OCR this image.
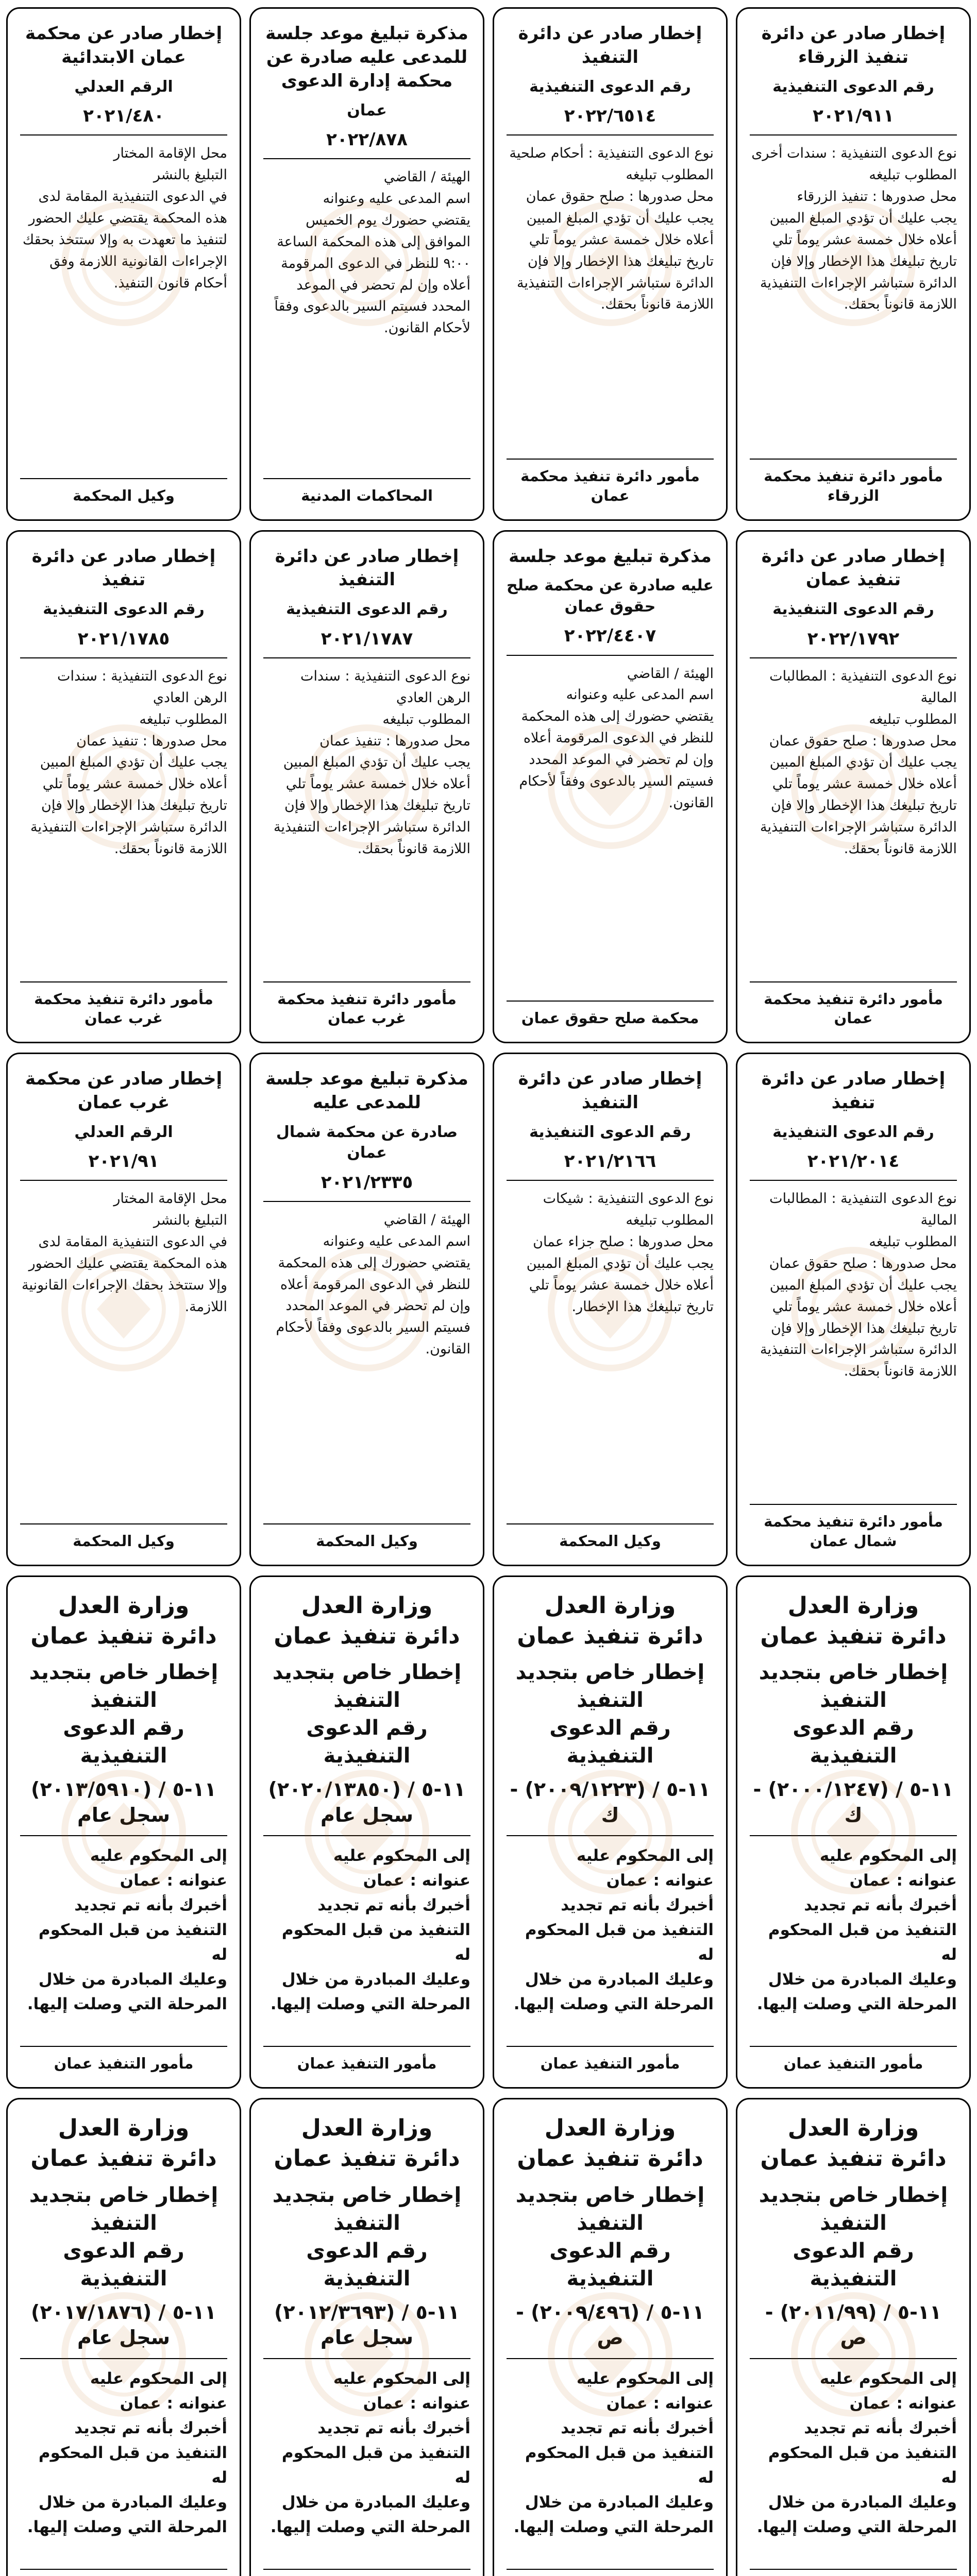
إخطار صادر عن دائرة تنفيذ الزرقاء
رقم الدعوى التنفيذية
٢٠٢١/٩١١
نوع الدعوى التنفيذية : سندات أخرى
المطلوب تبليغه
محل صدورها : تنفيذ الزرقاء
يجب عليك أن تؤدي المبلغ المبين أعلاه خلال خمسة عشر يوماً تلي تاريخ تبليغك هذا الإخطار وإلا فإن الدائرة ستباشر الإجراءات التنفيذية اللازمة قانوناً بحقك.
مأمور دائرة تنفيذ محكمة الزرقاء
إخطار صادر عن دائرة التنفيذ
رقم الدعوى التنفيذية
٢٠٢٢/٦٥١٤
نوع الدعوى التنفيذية : أحكام صلحية
المطلوب تبليغه
محل صدورها : صلح حقوق عمان
يجب عليك أن تؤدي المبلغ المبين أعلاه خلال خمسة عشر يوماً تلي تاريخ تبليغك هذا الإخطار وإلا فإن الدائرة ستباشر الإجراءات التنفيذية اللازمة قانوناً بحقك.
مأمور دائرة تنفيذ محكمة عمان
مذكرة تبليغ موعد جلسة للمدعى عليه صادرة عن محكمة إدارة الدعوى
عمان
٢٠٢٢/٨٧٨
الهيئة / القاضي
اسم المدعى عليه وعنوانه
يقتضي حضورك يوم الخميس الموافق إلى هذه المحكمة الساعة ٩:٠٠ للنظر في الدعوى المرقومة أعلاه وإن لم تحضر في الموعد المحدد فسيتم السير بالدعوى وفقاً لأحكام القانون.
المحاكمات المدنية
إخطار صادر عن محكمة عمان الابتدائية
الرقم العدلي
٢٠٢١/٤٨٠
محل الإقامة المختار
التبليغ بالنشر
في الدعوى التنفيذية المقامة لدى هذه المحكمة يقتضي عليك الحضور لتنفيذ ما تعهدت به وإلا ستتخذ بحقك الإجراءات القانونية اللازمة وفق أحكام قانون التنفيذ.
وكيل المحكمة
إخطار صادر عن دائرة تنفيذ عمان
رقم الدعوى التنفيذية
٢٠٢٢/١٧٩٢
نوع الدعوى التنفيذية : المطالبات المالية
المطلوب تبليغه
محل صدورها : صلح حقوق عمان
يجب عليك أن تؤدي المبلغ المبين أعلاه خلال خمسة عشر يوماً تلي تاريخ تبليغك هذا الإخطار وإلا فإن الدائرة ستباشر الإجراءات التنفيذية اللازمة قانوناً بحقك.
مأمور دائرة تنفيذ محكمة عمان
مذكرة تبليغ موعد جلسة
عليه صادرة عن محكمة صلح حقوق عمان
٢٠٢٢/٤٤٠٧
الهيئة / القاضي
اسم المدعى عليه وعنوانه
يقتضي حضورك إلى هذه المحكمة للنظر في الدعوى المرقومة أعلاه وإن لم تحضر في الموعد المحدد فسيتم السير بالدعوى وفقاً لأحكام القانون.
محكمة صلح حقوق عمان
إخطار صادر عن دائرة التنفيذ
رقم الدعوى التنفيذية
٢٠٢١/١٧٨٧
نوع الدعوى التنفيذية : سندات الرهن العادي
المطلوب تبليغه
محل صدورها : تنفيذ عمان
يجب عليك أن تؤدي المبلغ المبين أعلاه خلال خمسة عشر يوماً تلي تاريخ تبليغك هذا الإخطار وإلا فإن الدائرة ستباشر الإجراءات التنفيذية اللازمة قانوناً بحقك.
مأمور دائرة تنفيذ محكمة غرب عمان
إخطار صادر عن دائرة تنفيذ
رقم الدعوى التنفيذية
٢٠٢١/١٧٨٥
نوع الدعوى التنفيذية : سندات الرهن العادي
المطلوب تبليغه
محل صدورها : تنفيذ عمان
يجب عليك أن تؤدي المبلغ المبين أعلاه خلال خمسة عشر يوماً تلي تاريخ تبليغك هذا الإخطار وإلا فإن الدائرة ستباشر الإجراءات التنفيذية اللازمة قانوناً بحقك.
مأمور دائرة تنفيذ محكمة غرب عمان
إخطار صادر عن دائرة تنفيذ
رقم الدعوى التنفيذية
٢٠٢١/٢٠١٤
نوع الدعوى التنفيذية : المطالبات المالية
المطلوب تبليغه
محل صدورها : صلح حقوق عمان
يجب عليك أن تؤدي المبلغ المبين أعلاه خلال خمسة عشر يوماً تلي تاريخ تبليغك هذا الإخطار وإلا فإن الدائرة ستباشر الإجراءات التنفيذية اللازمة قانوناً بحقك.
مأمور دائرة تنفيذ محكمة شمال عمان
إخطار صادر عن دائرة التنفيذ
رقم الدعوى التنفيذية
٢٠٢١/٢١٦٦
نوع الدعوى التنفيذية : شيكات
المطلوب تبليغه
محل صدورها : صلح جزاء عمان
يجب عليك أن تؤدي المبلغ المبين أعلاه خلال خمسة عشر يوماً تلي تاريخ تبليغك هذا الإخطار.
وكيل المحكمة
مذكرة تبليغ موعد جلسة للمدعى عليه
صادرة عن محكمة شمال عمان
٢٠٢١/٢٣٣٥
الهيئة / القاضي
اسم المدعى عليه وعنوانه
يقتضي حضورك إلى هذه المحكمة للنظر في الدعوى المرقومة أعلاه وإن لم تحضر في الموعد المحدد فسيتم السير بالدعوى وفقاً لأحكام القانون.
وكيل المحكمة
إخطار صادر عن محكمة غرب عمان
الرقم العدلي
٢٠٢١/٩١
محل الإقامة المختار
التبليغ بالنشر
في الدعوى التنفيذية المقامة لدى هذه المحكمة يقتضي عليك الحضور وإلا ستتخذ بحقك الإجراءات القانونية اللازمة.
وكيل المحكمة
وزارة العدل
دائرة تنفيذ عمان
إخطار خاص بتجديد التنفيذ
رقم الدعوى التنفيذية
١١-٥ / (٢٠٠٠/١٢٤٧) - ك
إلى المحكوم عليه
عنوانه : عمان
أخبرك بأنه تم تجديد التنفيذ من قبل المحكوم له
وعليك المبادرة من خلال المرحلة التي وصلت إليها.
مأمور التنفيذ عمان
وزارة العدل
دائرة تنفيذ عمان
إخطار خاص بتجديد التنفيذ
رقم الدعوى التنفيذية
١١-٥ / (٢٠٠٩/١٢٢٣) - ك
إلى المحكوم عليه
عنوانه : عمان
أخبرك بأنه تم تجديد التنفيذ من قبل المحكوم له
وعليك المبادرة من خلال المرحلة التي وصلت إليها.
مأمور التنفيذ عمان
وزارة العدل
دائرة تنفيذ عمان
إخطار خاص بتجديد التنفيذ
رقم الدعوى التنفيذية
١١-٥ / (٢٠٢٠/١٣٨٥٠) سجل عام
إلى المحكوم عليه
عنوانه : عمان
أخبرك بأنه تم تجديد التنفيذ من قبل المحكوم له
وعليك المبادرة من خلال المرحلة التي وصلت إليها.
مأمور التنفيذ عمان
وزارة العدل
دائرة تنفيذ عمان
إخطار خاص بتجديد التنفيذ
رقم الدعوى التنفيذية
١١-٥ / (٢٠١٣/٥٩١٠) سجل عام
إلى المحكوم عليه
عنوانه : عمان
أخبرك بأنه تم تجديد التنفيذ من قبل المحكوم له
وعليك المبادرة من خلال المرحلة التي وصلت إليها.
مأمور التنفيذ عمان
وزارة العدل
دائرة تنفيذ عمان
إخطار خاص بتجديد التنفيذ
رقم الدعوى التنفيذية
١١-٥ / (٢٠١١/٩٩) - ص
إلى المحكوم عليه
عنوانه : عمان
أخبرك بأنه تم تجديد التنفيذ من قبل المحكوم له
وعليك المبادرة من خلال المرحلة التي وصلت إليها.
وزارة العدل
دائرة تنفيذ عمان
إخطار خاص بتجديد التنفيذ
رقم الدعوى التنفيذية
١١-٥ / (٢٠٠٩/٤٩٦) - ص
إلى المحكوم عليه
عنوانه : عمان
أخبرك بأنه تم تجديد التنفيذ من قبل المحكوم له
وعليك المبادرة من خلال المرحلة التي وصلت إليها.
وزارة العدل
دائرة تنفيذ عمان
إخطار خاص بتجديد التنفيذ
رقم الدعوى التنفيذية
١١-٥ / (٢٠١٢/٣٦٩٣) سجل عام
إلى المحكوم عليه
عنوانه : عمان
أخبرك بأنه تم تجديد التنفيذ من قبل المحكوم له
وعليك المبادرة من خلال المرحلة التي وصلت إليها.
وزارة العدل
دائرة تنفيذ عمان
إخطار خاص بتجديد التنفيذ
رقم الدعوى التنفيذية
١١-٥ / (٢٠١٧/١٨٧٦) سجل عام
إلى المحكوم عليه
عنوانه : عمان
أخبرك بأنه تم تجديد التنفيذ من قبل المحكوم له
وعليك المبادرة من خلال المرحلة التي وصلت إليها.
